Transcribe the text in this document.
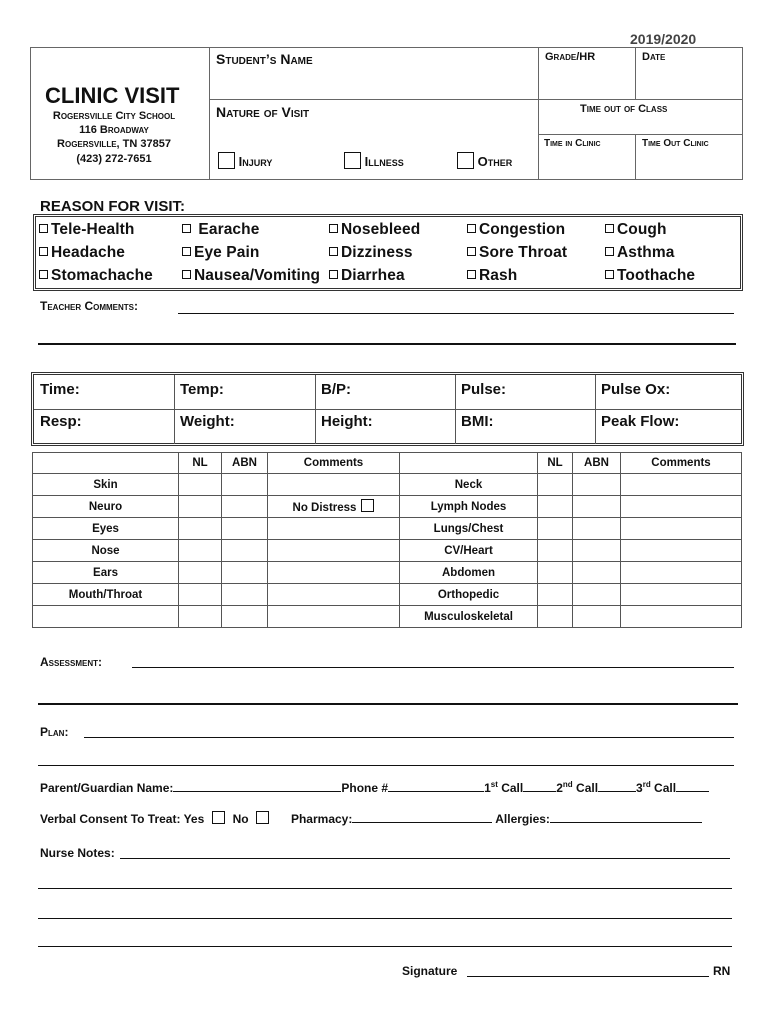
2019/2020
CLINIC VISIT
Rogersville City School
116 Broadway
Rogersville, TN 37857
(423) 272-7651
Student’s Name	Grade/HR	Date
Nature of Visit	Time out of Class
Time in Clinic	Time Out Clinic
Injury	Illness	Other
REASON FOR VISIT:
Tele-Health	Earache	Nosebleed	Congestion	Cough
Headache	Eye Pain	Dizziness	Sore Throat	Asthma
Stomachache	Nausea/Vomiting	Diarrhea	Rash	Toothache
Teacher Comments:
Time:	Temp:	B/P:	Pulse:	Pulse Ox:
Resp:	Weight:	Height:	BMI:	Peak Flow:
	NL	ABN	Comments		NL	ABN	Comments
Skin				Neck			
Neuro			No Distress	Lymph Nodes			
Eyes				Lungs/Chest			
Nose				CV/Heart			
Ears				Abdomen			
Mouth/Throat				Orthopedic			
				Musculoskeletal			
Assessment:
Plan:
Parent/Guardian Name:	Phone #	1st Call	2nd Call	3rd Call
Verbal Consent To Treat: Yes No	Pharmacy:	Allergies:
Nurse Notes:
Signature	RN
